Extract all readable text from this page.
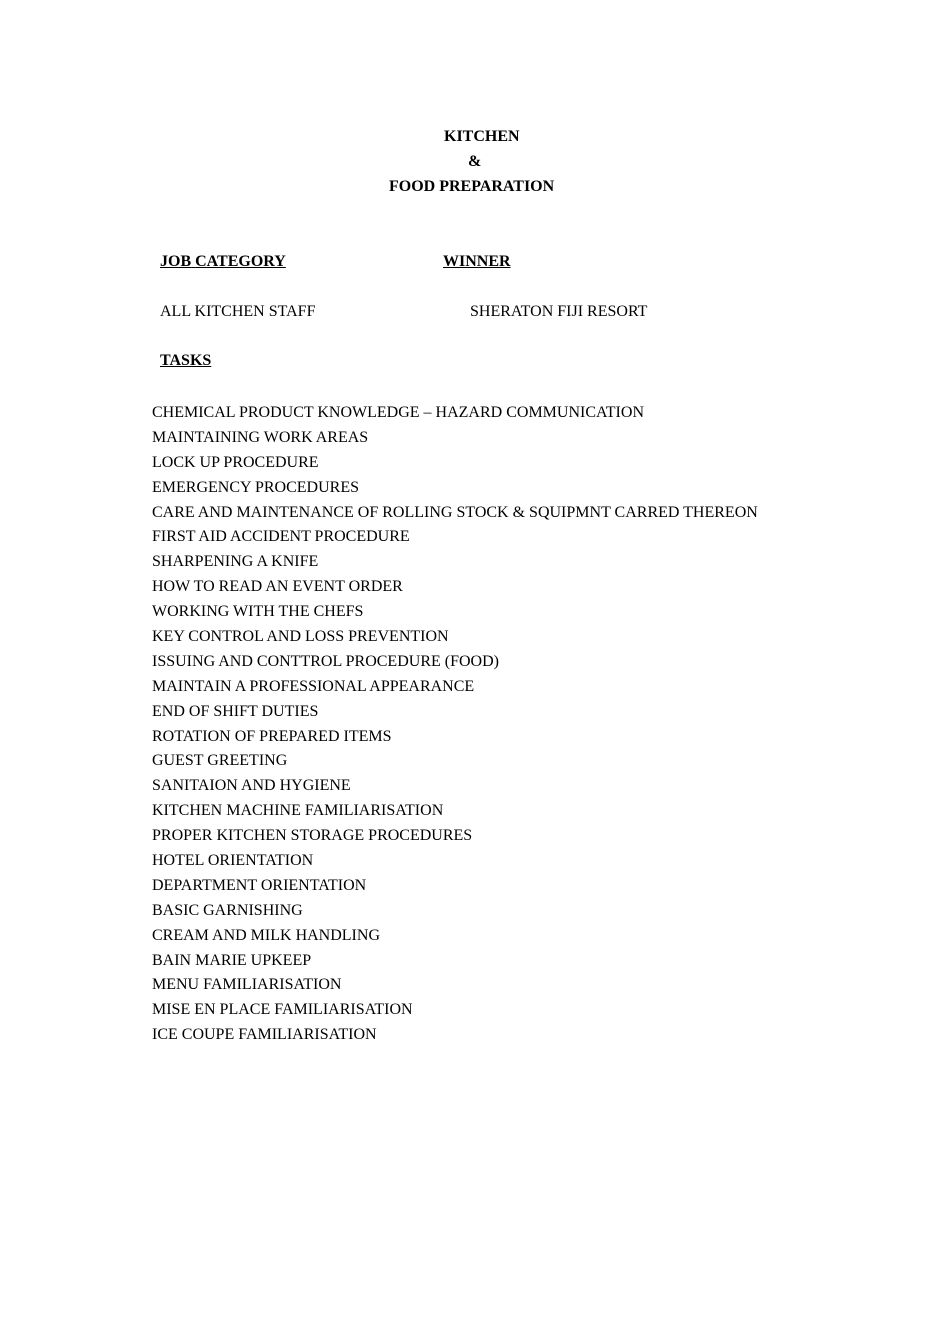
KITCHEN
&
FOOD PREPARATION
JOB CATEGORY	WINNER
ALL KITCHEN STAFF	SHERATON FIJI RESORT
TASKS
CHEMICAL PRODUCT KNOWLEDGE – HAZARD COMMUNICATION
MAINTAINING WORK AREAS
LOCK UP PROCEDURE
EMERGENCY PROCEDURES
CARE AND MAINTENANCE OF ROLLING STOCK & SQUIPMNT CARRED THEREON
FIRST AID ACCIDENT PROCEDURE
SHARPENING A KNIFE
HOW TO READ AN EVENT ORDER
WORKING WITH THE CHEFS
KEY CONTROL AND LOSS PREVENTION
ISSUING AND CONTTROL PROCEDURE (FOOD)
MAINTAIN A PROFESSIONAL APPEARANCE
END OF SHIFT DUTIES
ROTATION OF PREPARED ITEMS
GUEST GREETING
SANITAION AND HYGIENE
KITCHEN MACHINE FAMILIARISATION
PROPER KITCHEN STORAGE PROCEDURES
HOTEL ORIENTATION
DEPARTMENT ORIENTATION
BASIC GARNISHING
CREAM AND MILK HANDLING
BAIN MARIE UPKEEP
MENU FAMILIARISATION
MISE EN PLACE FAMILIARISATION
ICE COUPE FAMILIARISATION
